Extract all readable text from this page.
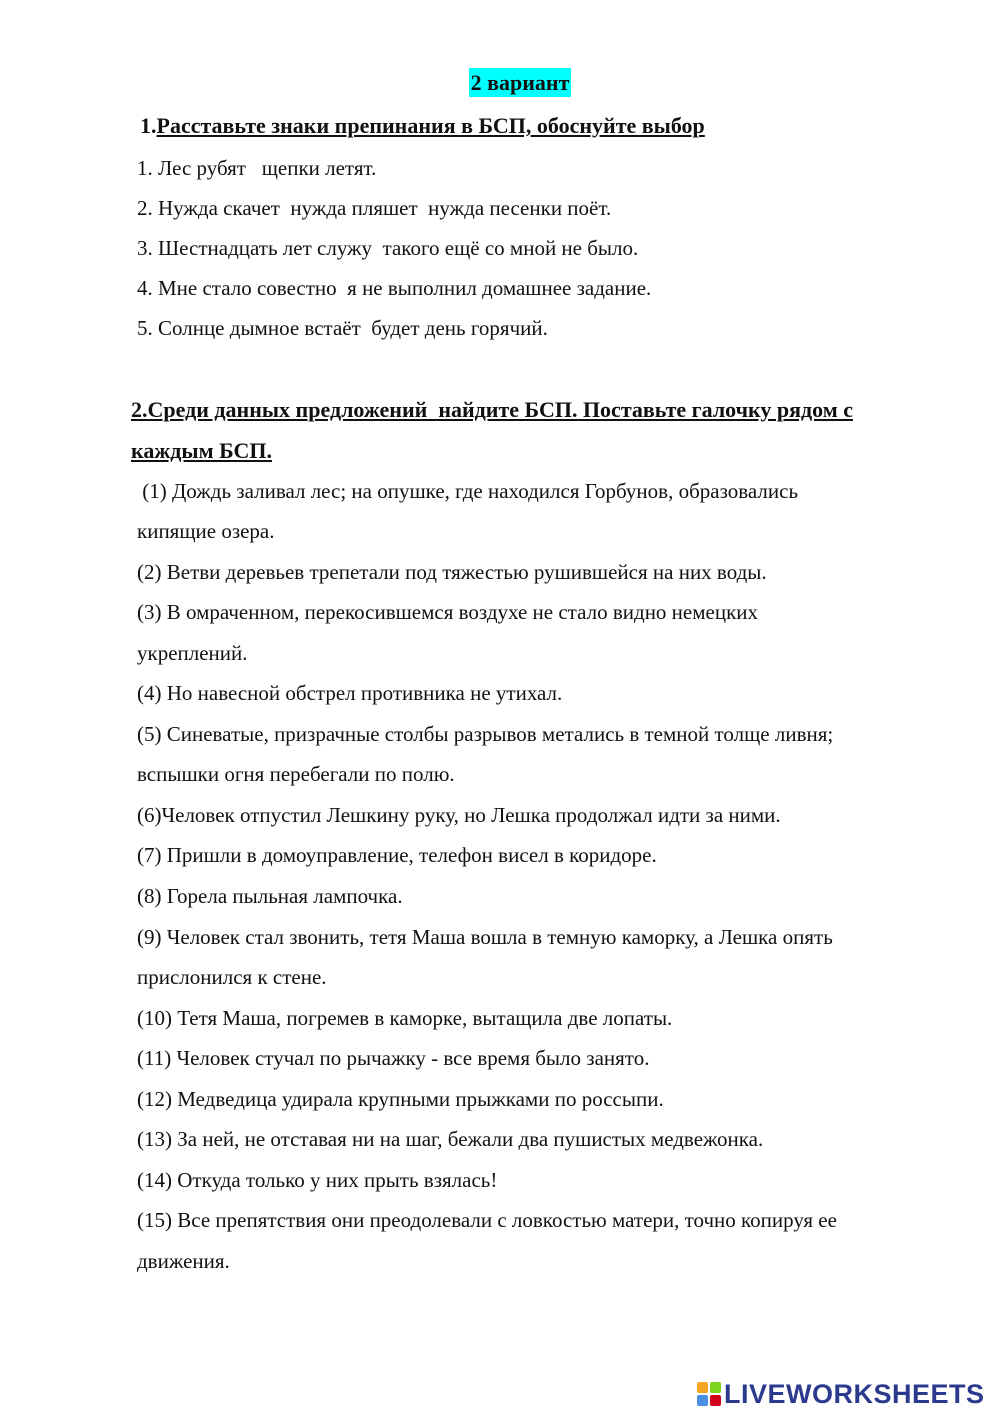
2 вариант
1.Расставьте знаки препинания в БСП, обоснуйте выбор
1. Лес рубят   щепки летят.
2. Нужда скачет  нужда пляшет  нужда песенки поёт.
3. Шестнадцать лет служу  такого ещё со мной не было.
4. Мне стало совестно  я не выполнил домашнее задание.
5. Солнце дымное встаёт  будет день горячий.
2.Среди данных предложений  найдите БСП. Поставьте галочку рядом с
каждым БСП.
(1) Дождь заливал лес; на опушке, где находился Горбунов, образовались
кипящие озера.
(2) Ветви деревьев трепетали под тяжестью рушившейся на них воды.
(3) В омраченном, перекосившемся воздухе не стало видно немецких
укреплений.
(4) Но навесной обстрел противника не утихал.
(5) Синеватые, призрачные столбы разрывов метались в темной толще ливня;
вспышки огня перебегали по полю.
(6)Человек отпустил Лешкину руку, но Лешка продолжал идти за ними.
(7) Пришли в домоуправление, телефон висел в коридоре.
(8) Горела пыльная лампочка.
(9) Человек стал звонить, тетя Маша вошла в темную каморку, а Лешка опять
прислонился к стене.
(10) Тетя Маша, погремев в каморке, вытащила две лопаты.
(11) Человек стучал по рычажку - все время было занято.
(12) Медведица удирала крупными прыжками по россыпи.
(13) За ней, не отставая ни на шаг, бежали два пушистых медвежонка.
(14) Откуда только у них прыть взялась!
(15) Все препятствия они преодолевали с ловкостью матери, точно копируя ее
движения.
LIVEWORKSHEETS
